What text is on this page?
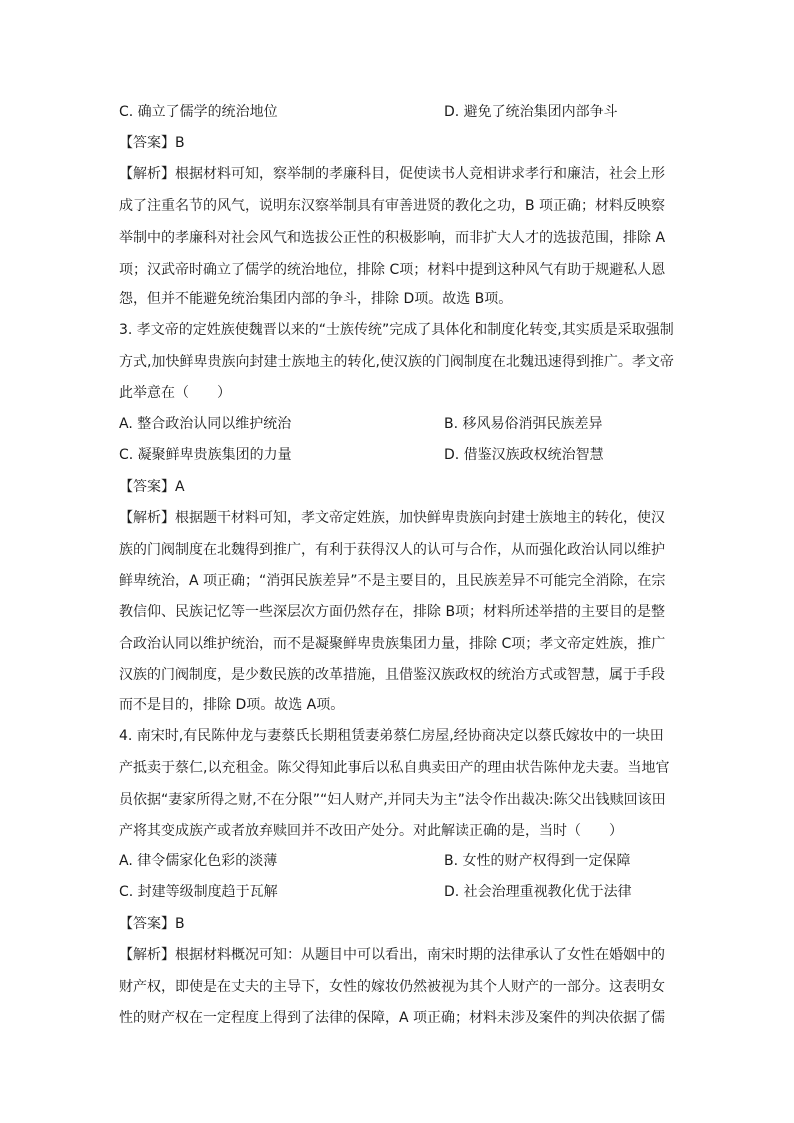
C. 确立了儒学的统治地位	D. 避免了统治集团内部争斗
【答案】B
【解析】根据材料可知，察举制的孝廉科目，促使读书人竞相讲求孝行和廉洁，社会上形
成了注重名节的风气，说明东汉察举制具有审善进贤的教化之功，B 项正确；材料反映察
举制中的孝廉科对社会风气和选拔公正性的积极影响，而非扩大人才的选拔范围，排除 A
项；汉武帝时确立了儒学的统治地位，排除 C项；材料中提到这种风气有助于规避私人恩
怨，但并不能避免统治集团内部的争斗，排除 D项。故选 B项。
3. 孝文帝的定姓族使魏晋以来的“士族传统”完成了具体化和制度化转变,其实质是采取强制
方式,加快鲜卑贵族向封建士族地主的转化,使汉族的门阀制度在北魏迅速得到推广。孝文帝
此举意在（　　）
A. 整合政治认同以维护统治	B. 移风易俗消弭民族差异
C. 凝聚鲜卑贵族集团的力量	D. 借鉴汉族政权统治智慧
【答案】A
【解析】根据题干材料可知，孝文帝定姓族，加快鲜卑贵族向封建士族地主的转化，使汉
族的门阀制度在北魏得到推广，有利于获得汉人的认可与合作，从而强化政治认同以维护
鲜卑统治，A 项正确；“消弭民族差异”不是主要目的，且民族差异不可能完全消除，在宗
教信仰、民族记忆等一些深层次方面仍然存在，排除 B项；材料所述举措的主要目的是整
合政治认同以维护统治，而不是凝聚鲜卑贵族集团力量，排除 C项；孝文帝定姓族，推广
汉族的门阀制度，是少数民族的改革措施，且借鉴汉族政权的统治方式或智慧，属于手段
而不是目的，排除 D项。故选 A项。
4. 南宋时,有民陈仲龙与妻蔡氏长期租赁妻弟蔡仁房屋,经协商决定以蔡氏嫁妆中的一块田
产抵卖于蔡仁,以充租金。陈父得知此事后以私自典卖田产的理由状告陈仲龙夫妻。当地官
员依据“妻家所得之财,不在分限”“妇人财产,并同夫为主”法令作出裁决:陈父出钱赎回该田
产将其变成族产或者放弃赎回并不改田产处分。对此解读正确的是，当时（　　）
A. 律令儒家化色彩的淡薄	B. 女性的财产权得到一定保障
C. 封建等级制度趋于瓦解	D. 社会治理重视教化优于法律
【答案】B
【解析】根据材料概况可知：从题目中可以看出，南宋时期的法律承认了女性在婚姻中的
财产权，即使是在丈夫的主导下，女性的嫁妆仍然被视为其个人财产的一部分。这表明女
性的财产权在一定程度上得到了法律的保障，A 项正确；材料未涉及案件的判决依据了儒
